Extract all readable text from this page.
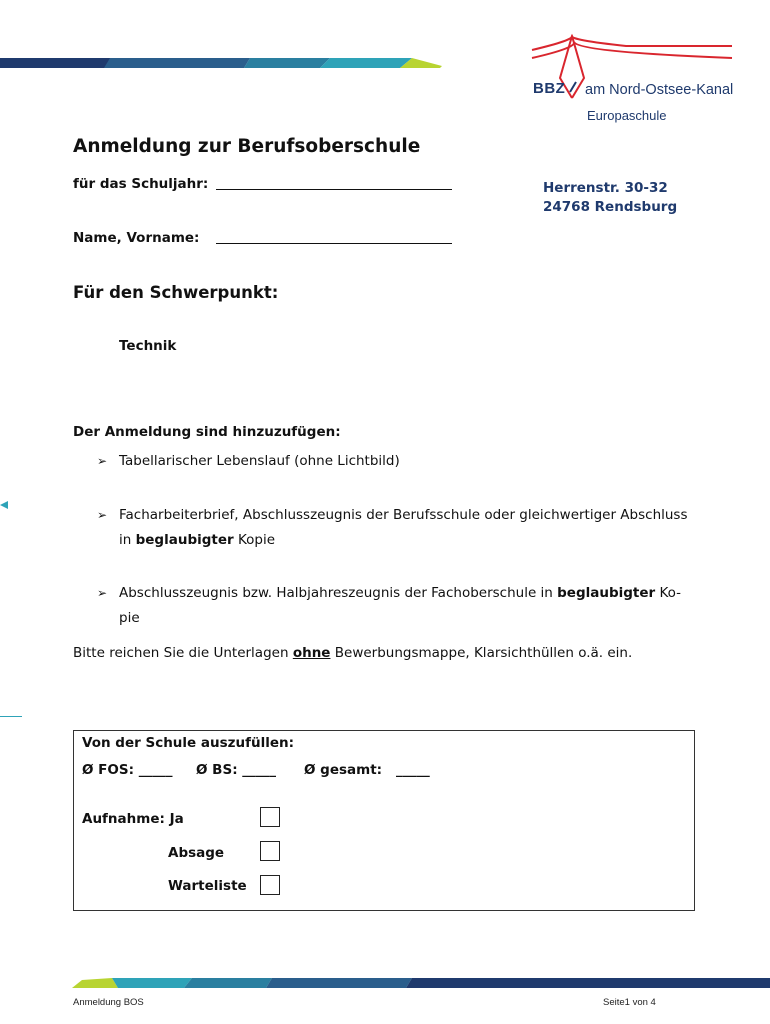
BBZ am Nord-Ostsee-Kanal
Europaschule
Anmeldung zur Berufsoberschule
für das Schuljahr:	Herrenstr. 30-32
24768 Rendsburg
Name, Vorname:
Für den Schwerpunkt:
Technik
Der Anmeldung sind hinzuzufügen:
➢ Tabellarischer Lebenslauf (ohne Lichtbild)
➢ Facharbeiterbrief, Abschlusszeugnis der Berufsschule oder gleichwertiger Abschluss in beglaubigter Kopie
➢ Abschlusszeugnis bzw. Halbjahreszeugnis der Fachoberschule in beglaubigter Ko-pie
Bitte reichen Sie die Unterlagen ohne Bewerbungsmappe, Klarsichthüllen o.ä. ein.
Von der Schule auszufüllen:
Ø FOS: _____ Ø BS: _____ Ø gesamt: _____
Aufnahme: Ja
Absage
Warteliste
Anmeldung BOS	Seite1 von 4
